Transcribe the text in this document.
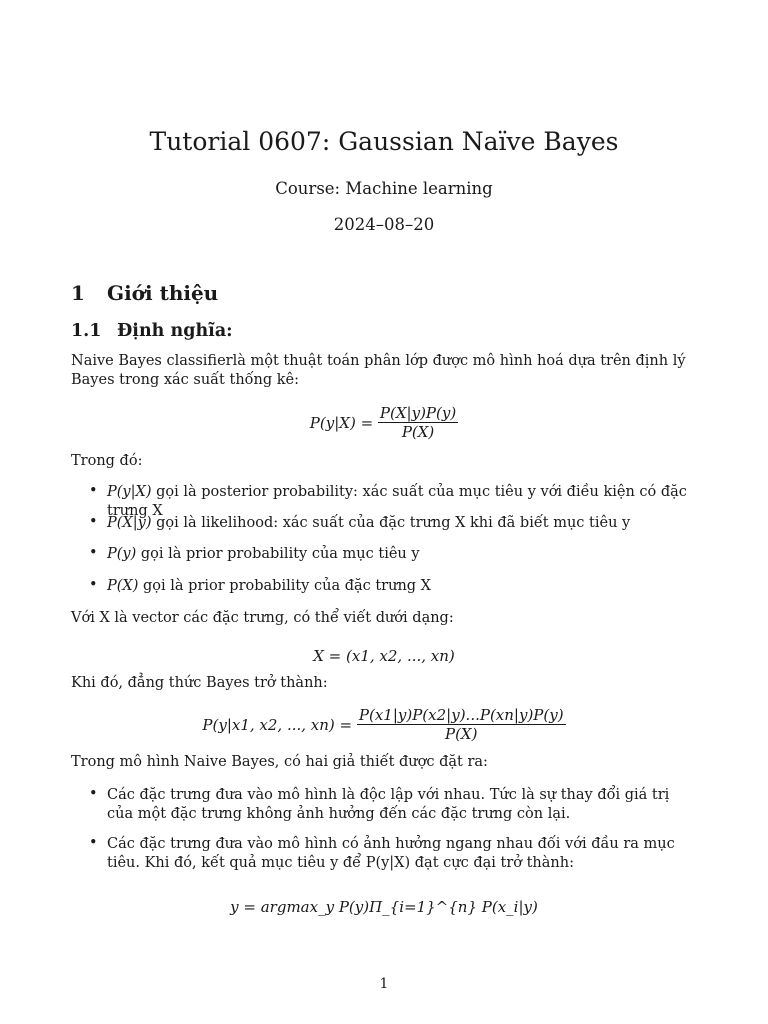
Tutorial 0607: Gaussian Naïve Bayes
Course: Machine learning
2024–08–20
1 Giới thiệu
1.1 Định nghĩa:
Naive Bayes classifierlà một thuật toán phân lớp được mô hình hoá dựa trên định lý Bayes trong xác suất thống kê:
$P(y|X) = \frac{P(X|y)P(y)}{P(X)}$
Trong đó:
• P(y|X) gọi là posterior probability: xác suất của mục tiêu y với điều kiện có đặc trưng X
• P(X|y) gọi là likelihood: xác suất của đặc trưng X khi đã biết mục tiêu y
• P(y) gọi là prior probability của mục tiêu y
• P(X) gọi là prior probability của đặc trưng X
Với X là vector các đặc trưng, có thể viết dưới dạng:
X = (x1, x2, ..., xn)
Khi đó, đẳng thức Bayes trở thành:
P(y|x1, x2, ..., $xn) = \frac{P(x1|y)P(x2|y)...P(xn|y)P(y)}{P(X)}$
Trong mô hình Naive Bayes, có hai giả thiết được đặt ra:
• Các đặc trưng đưa vào mô hình là độc lập với nhau. Tức là sự thay đổi giá trị của một đặc trưng không ảnh hưởng đến các đặc trưng còn lại.
• Các đặc trưng đưa vào mô hình có ảnh hưởng ngang nhau đối với đầu ra mục tiêu. Khi đó, kết quả mục tiêu y để P(y|X) đạt cực đại trở thành:
y = argmax_y P(y)Π_{i=1}^{n} P(x_i|y)
1
